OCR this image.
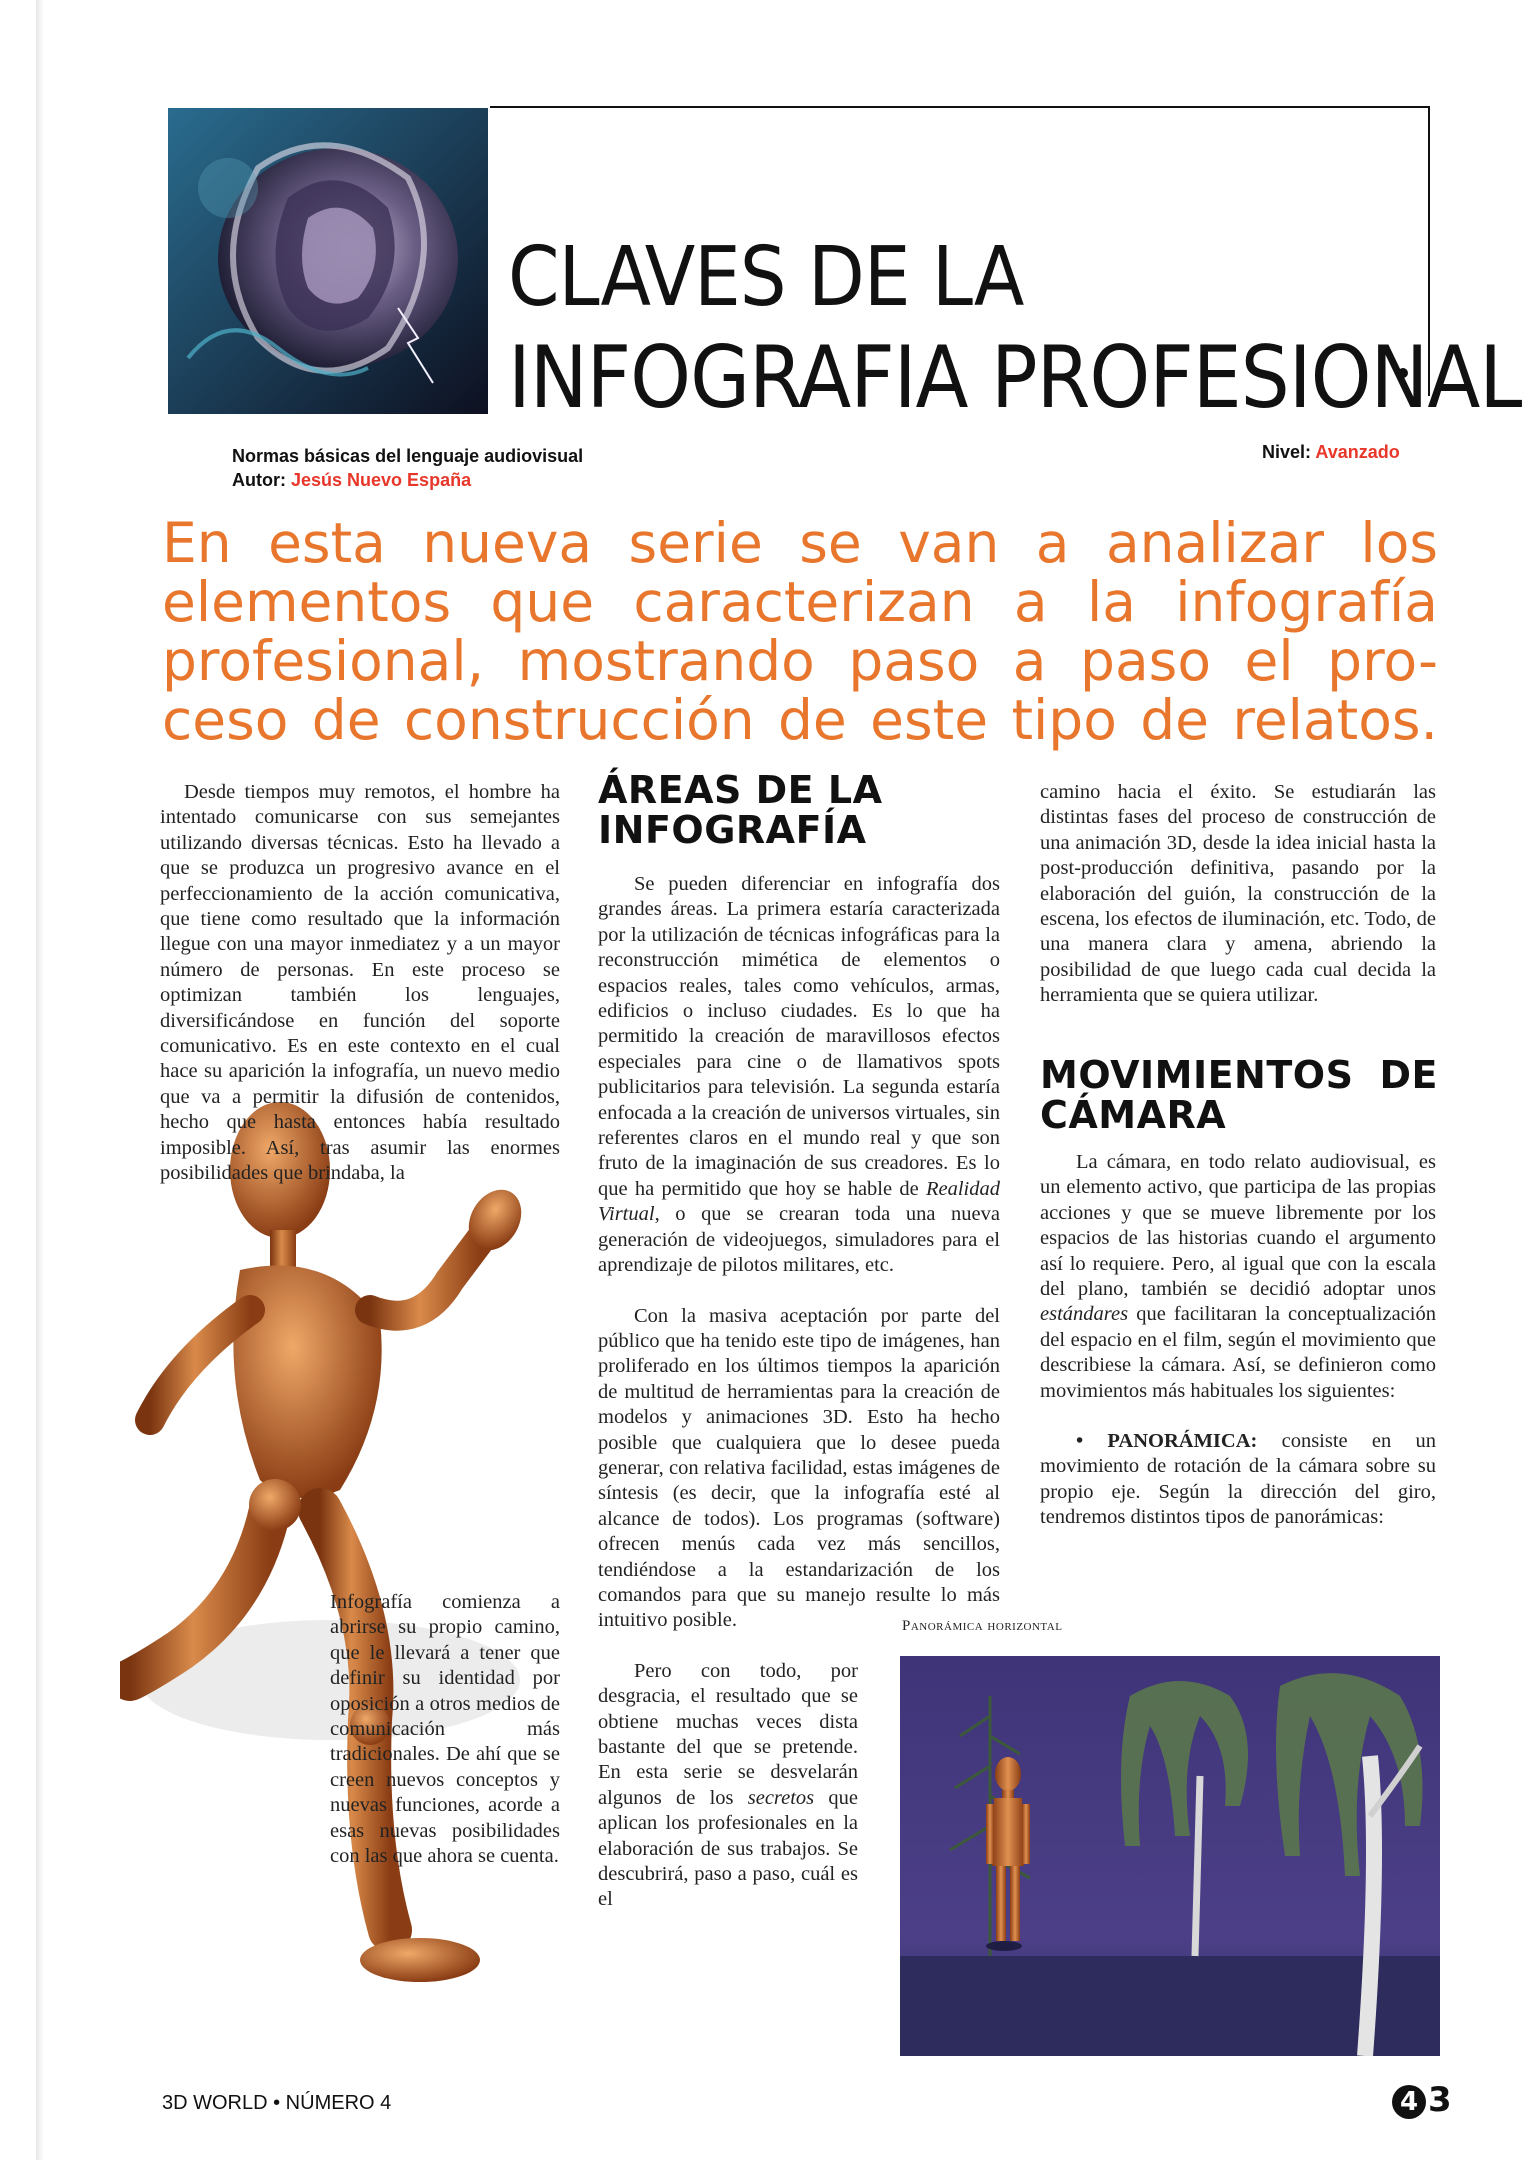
CLAVES DE LA
INFOGRAFIA PROFESIONAL
Normas básicas del lenguaje audiovisual
Autor: Jesús Nuevo España
Nivel: Avanzado
En esta nueva serie se van a analizar los
elementos que caracterizan a la infografía
profesional, mostrando paso a paso el pro-
ceso de construcción de este tipo de relatos.

Desde tiempos muy remotos, el hombre ha intentado comunicarse con sus semejantes utilizando diversas técnicas. Esto ha llevado a que se produzca un progresivo avance en el perfeccionamiento de la acción comunicativa, que tiene como resultado que la información llegue con una mayor inmediatez y a un mayor número de personas. En este proceso se optimizan también los lenguajes, diversificándose en función del soporte comunicativo. Es en este contexto en el cual hace su aparición la infografía, un nuevo medio que va a permitir la difusión de contenidos, hecho que hasta entonces había resultado imposible. Así, tras asumir las enormes posibilidades que brindaba, la

Infografía comienza a abrirse su propio camino, que le llevará a tener que definir su identidad por oposición a otros medios de comunicación más tradicionales. De ahí que se creen nuevos conceptos y nuevas funciones, acorde a esas nuevas posibilidades con las que ahora se cuenta.

ÁREAS DE LA INFOGRAFÍA

Se pueden diferenciar en infografía dos grandes áreas. La primera estaría caracterizada por la utilización de técnicas infográficas para la reconstrucción mimética de elementos o espacios reales, tales como vehículos, armas, edificios o incluso ciudades. Es lo que ha permitido la creación de maravillosos efectos especiales para cine o de llamativos spots publicitarios para televisión. La segunda estaría enfocada a la creación de universos virtuales, sin referentes claros en el mundo real y que son fruto de la imaginación de sus creadores. Es lo que ha permitido que hoy se hable de Realidad Virtual, o que se crearan toda una nueva generación de videojuegos, simuladores para el aprendizaje de pilotos militares, etc.

Con la masiva aceptación por parte del público que ha tenido este tipo de imágenes, han proliferado en los últimos tiempos la aparición de multitud de herramientas para la creación de modelos y animaciones 3D. Esto ha hecho posible que cualquiera que lo desee pueda generar, con relativa facilidad, estas imágenes de síntesis (es decir, que la infografía esté al alcance de todos). Los programas (software) ofrecen menús cada vez más sencillos, tendiéndose a la estandarización de los comandos para que su manejo resulte lo más intuitivo posible.

Pero con todo, por desgracia, el resultado que se obtiene muchas veces dista bastante del que se pretende. En esta serie se desvelarán algunos de los secretos que aplican los profesionales en la elaboración de sus trabajos. Se descubrirá, paso a paso, cuál es el

camino hacia el éxito. Se estudiarán las distintas fases del proceso de construcción de una animación 3D, desde la idea inicial hasta la post-producción definitiva, pasando por la elaboración del guión, la construcción de la escena, los efectos de iluminación, etc. Todo, de una manera clara y amena, abriendo la posibilidad de que luego cada cual decida la herramienta que se quiera utilizar.

MOVIMIENTOS DE CÁMARA

La cámara, en todo relato audiovisual, es un elemento activo, que participa de las propias acciones y que se mueve libremente por los espacios de las historias cuando el argumento así lo requiere. Pero, al igual que con la escala del plano, también se decidió adoptar unos estándares que facilitaran la conceptualización del espacio en el film, según el movimiento que describiese la cámara. Así, se definieron como movimientos más habituales los siguientes:

• PANORÁMICA: consiste en un movimiento de rotación de la cámara sobre su propio eje. Según la dirección del giro, tendremos distintos tipos de panorámicas:

Panorámica horizontal
3D WORLD • NÚMERO 4	4 3
